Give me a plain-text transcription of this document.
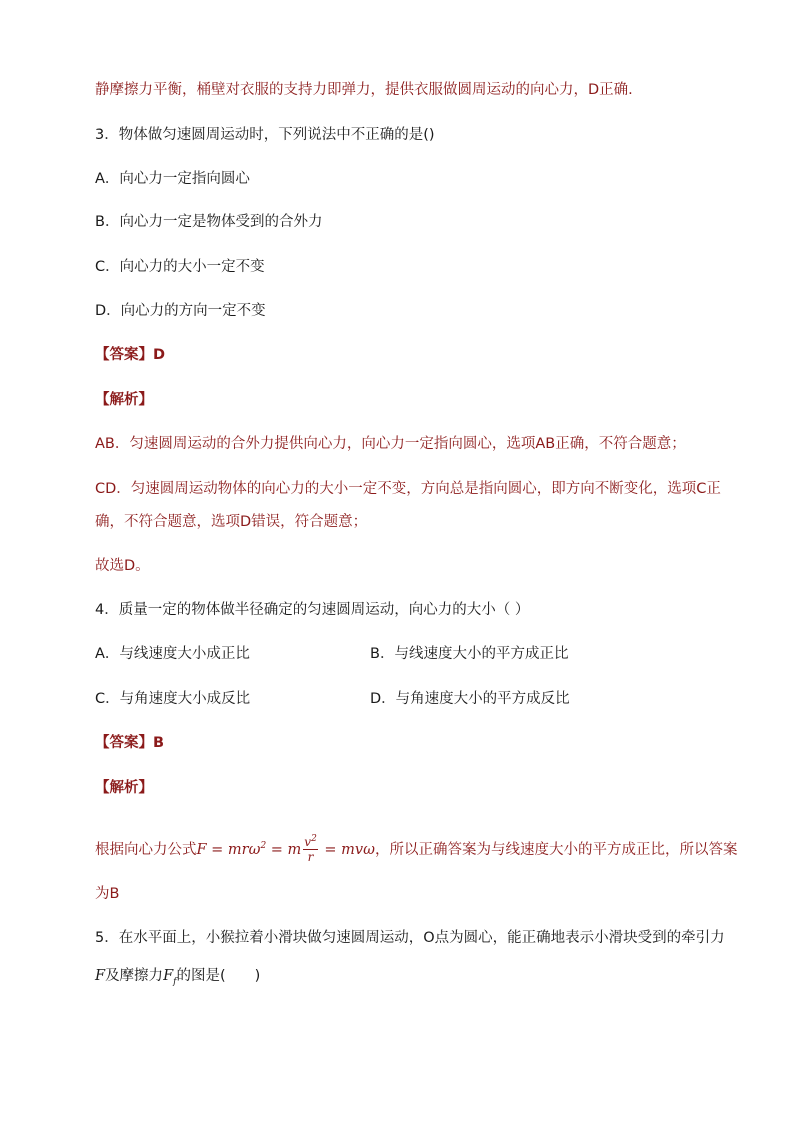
静摩擦力平衡，桶壁对衣服的支持力即弹力，提供衣服做圆周运动的向心力，D正确.
3．物体做匀速圆周运动时，下列说法中不正确的是()
A．向心力一定指向圆心
B．向心力一定是物体受到的合外力
C．向心力的大小一定不变
D．向心力的方向一定不变
【答案】D
【解析】
AB．匀速圆周运动的合外力提供向心力，向心力一定指向圆心，选项AB正确，不符合题意；
CD．匀速圆周运动物体的向心力的大小一定不变，方向总是指向圆心，即方向不断变化，选项C正
确，不符合题意，选项D错误，符合题意；
故选D。
4．质量一定的物体做半径确定的匀速圆周运动，向心力的大小（ ）
A．与线速度大小成正比	B．与线速度大小的平方成正比
C．与角速度大小成反比	D．与角速度大小的平方成反比
【答案】B
【解析】
根据向心力公式F = mrω$^2$ = m $\frac{v^2}{r} = mv\omega$，所以正确答案为与线速度大小的平方成正比，所以答案
为B
5．在水平面上，小猴拉着小滑块做匀速圆周运动，O点为圆心，能正确地表示小滑块受到的牵引力
F及摩擦力$F_f$的图是(　　)
